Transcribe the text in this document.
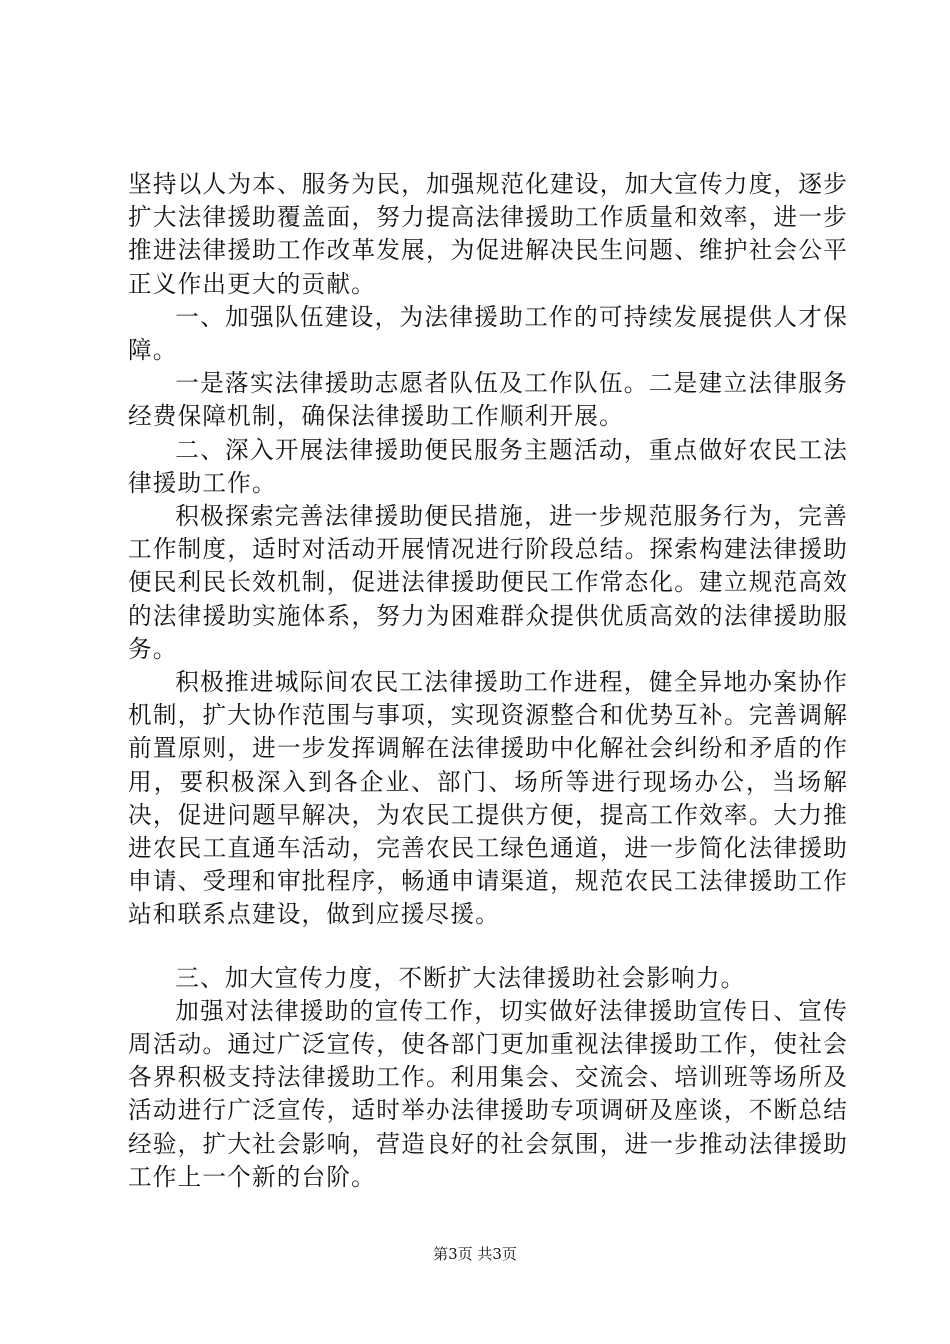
坚持以人为本、服务为民，加强规范化建设，加大宣传力度，逐步扩大法律援助覆盖面，努力提高法律援助工作质量和效率，进一步推进法律援助工作改革发展，为促进解决民生问题、维护社会公平正义作出更大的贡献。

一、加强队伍建设，为法律援助工作的可持续发展提供人才保障。

一是落实法律援助志愿者队伍及工作队伍。二是建立法律服务经费保障机制，确保法律援助工作顺利开展。

二、深入开展法律援助便民服务主题活动，重点做好农民工法律援助工作。

积极探索完善法律援助便民措施，进一步规范服务行为，完善工作制度，适时对活动开展情况进行阶段总结。探索构建法律援助便民利民长效机制，促进法律援助便民工作常态化。建立规范高效的法律援助实施体系，努力为困难群众提供优质高效的法律援助服务。

积极推进城际间农民工法律援助工作进程，健全异地办案协作机制，扩大协作范围与事项，实现资源整合和优势互补。完善调解前置原则，进一步发挥调解在法律援助中化解社会纠纷和矛盾的作用，要积极深入到各企业、部门、场所等进行现场办公，当场解决，促进问题早解决，为农民工提供方便，提高工作效率。大力推进农民工直通车活动，完善农民工绿色通道，进一步简化法律援助申请、受理和审批程序，畅通申请渠道，规范农民工法律援助工作站和联系点建设，做到应援尽援。

三、加大宣传力度，不断扩大法律援助社会影响力。

加强对法律援助的宣传工作，切实做好法律援助宣传日、宣传周活动。通过广泛宣传，使各部门更加重视法律援助工作，使社会各界积极支持法律援助工作。利用集会、交流会、培训班等场所及活动进行广泛宣传，适时举办法律援助专项调研及座谈，不断总结经验，扩大社会影响，营造良好的社会氛围，进一步推动法律援助工作上一个新的台阶。

第3页 共3页
